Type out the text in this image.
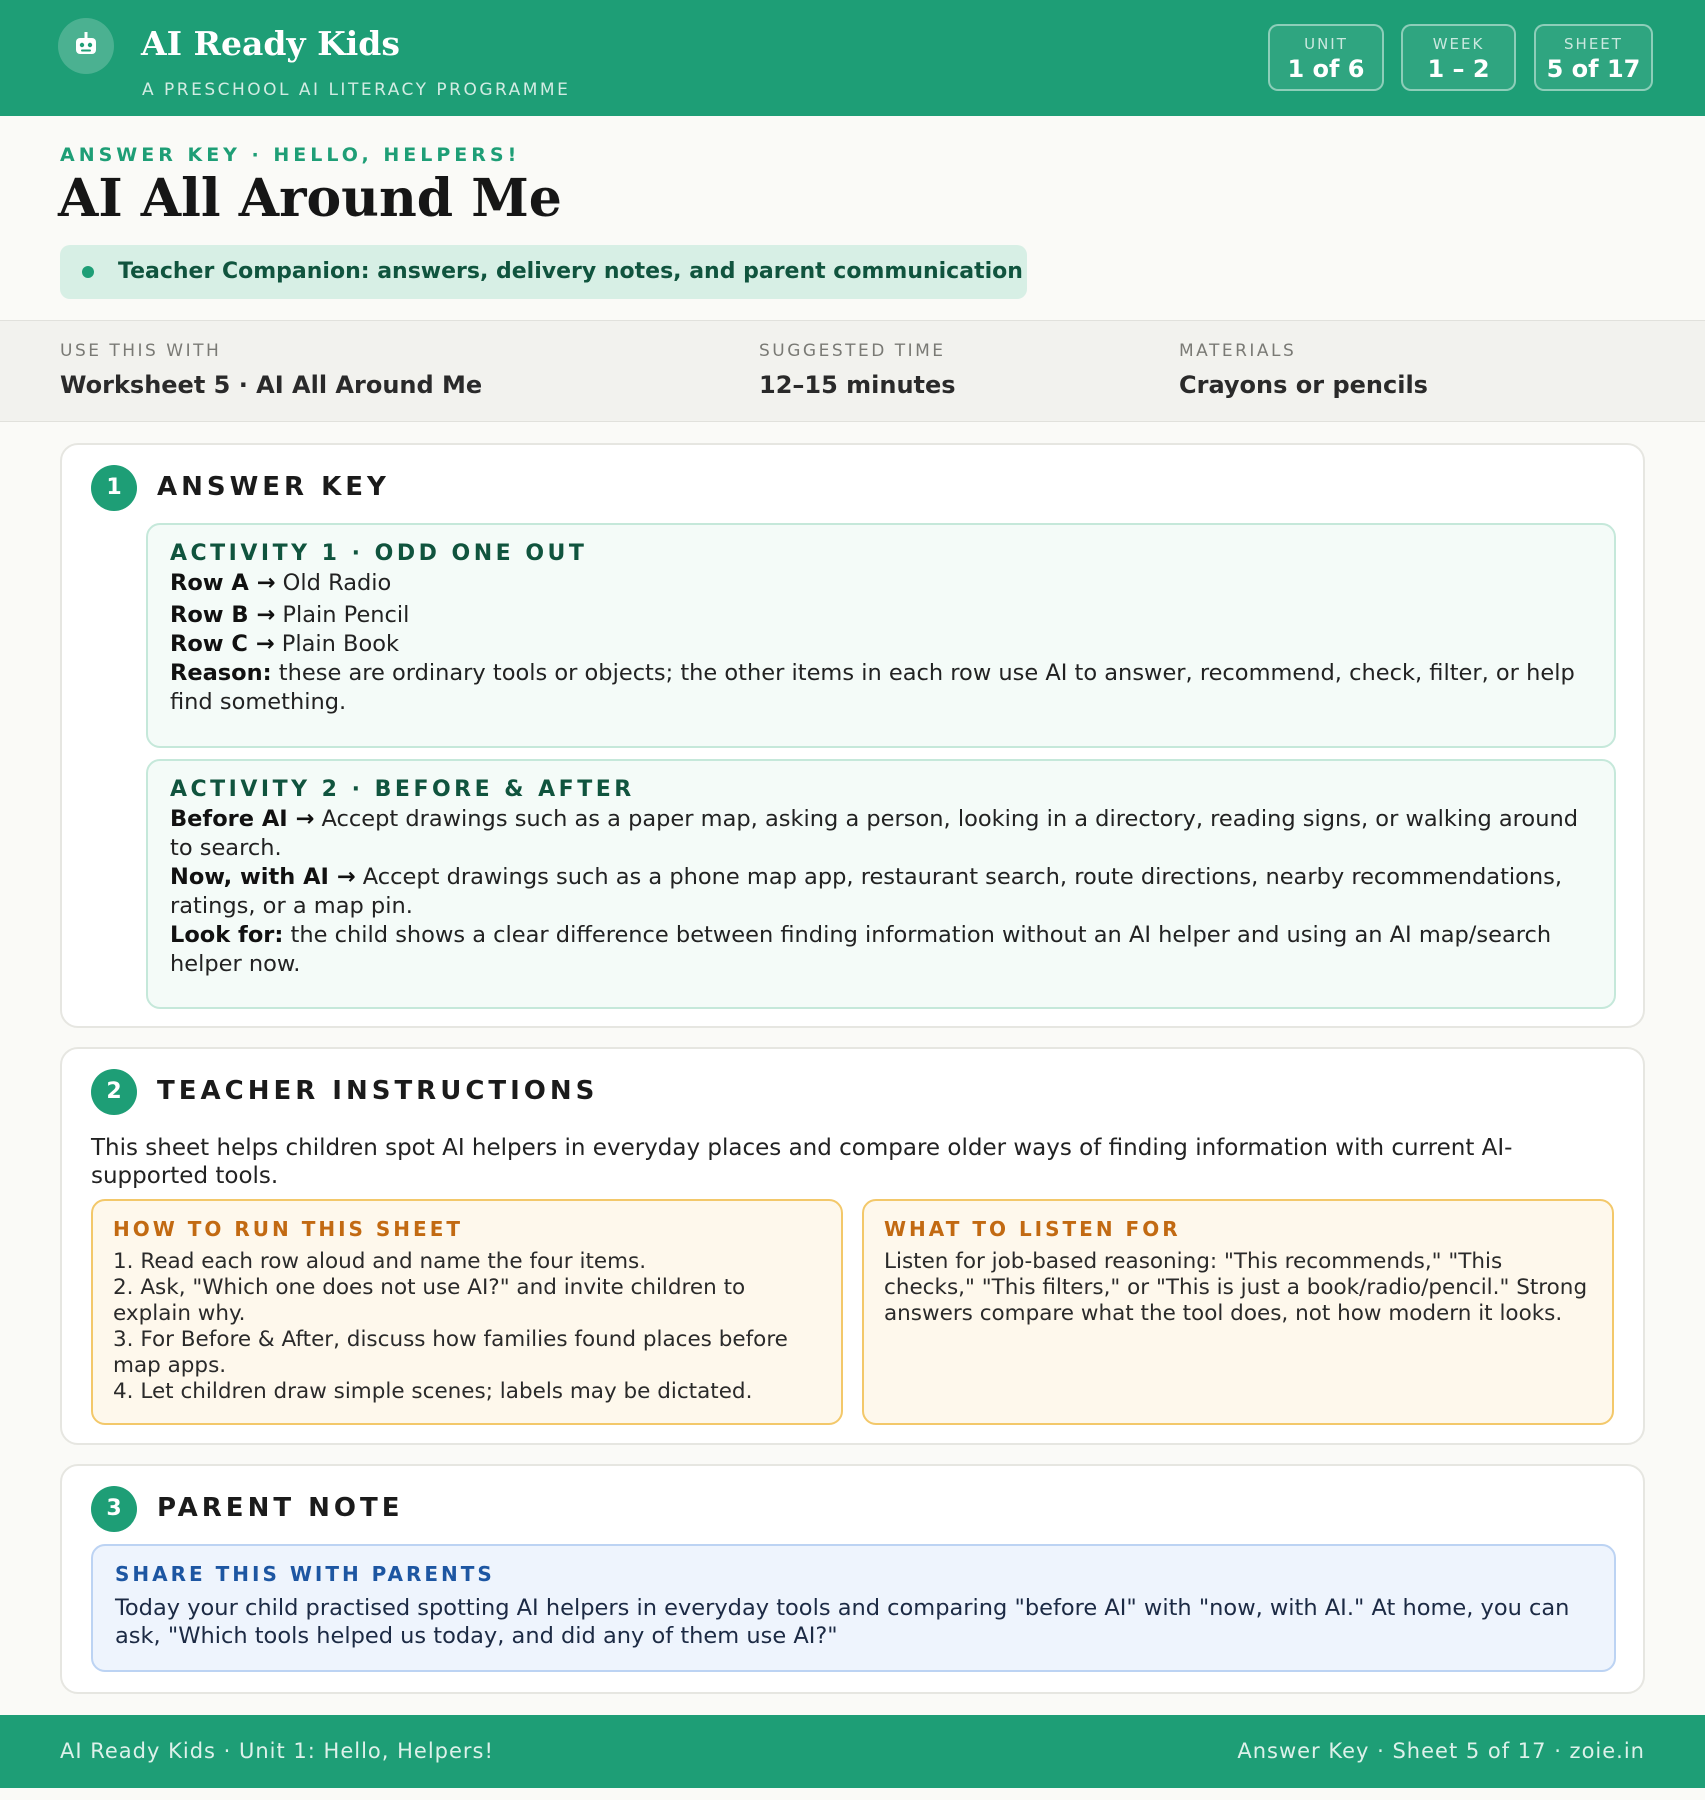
AI Ready Kids
A PRESCHOOL AI LITERACY PROGRAMME
UNIT
1 of 6
WEEK
1 – 2
SHEET
5 of 17
ANSWER KEY · HELLO, HELPERS!
AI All Around Me
Teacher Companion: answers, delivery notes, and parent communication
USE THIS WITH
Worksheet 5 · AI All Around Me
SUGGESTED TIME
12–15 minutes
MATERIALS
Crayons or pencils
1	ANSWER KEY
ACTIVITY 1 · ODD ONE OUT
Row A → Old Radio
Row B → Plain Pencil
Row C → Plain Book
Reason: these are ordinary tools or objects; the other items in each row use AI to answer, recommend, check, filter, or help find something.
ACTIVITY 2 · BEFORE & AFTER
Before AI → Accept drawings such as a paper map, asking a person, looking in a directory, reading signs, or walking around to search.
Now, with AI → Accept drawings such as a phone map app, restaurant search, route directions, nearby recommendations, ratings, or a map pin.
Look for: the child shows a clear difference between finding information without an AI helper and using an AI map/search helper now.
2	TEACHER INSTRUCTIONS
This sheet helps children spot AI helpers in everyday places and compare older ways of finding information with current AI-supported tools.
HOW TO RUN THIS SHEET
1. Read each row aloud and name the four items.
2. Ask, "Which one does not use AI?" and invite children to explain why.
3. For Before & After, discuss how families found places before map apps.
4. Let children draw simple scenes; labels may be dictated.
WHAT TO LISTEN FOR
Listen for job-based reasoning: "This recommends," "This checks," "This filters," or "This is just a book/radio/pencil." Strong answers compare what the tool does, not how modern it looks.
3	PARENT NOTE
SHARE THIS WITH PARENTS
Today your child practised spotting AI helpers in everyday tools and comparing "before AI" with "now, with AI." At home, you can ask, "Which tools helped us today, and did any of them use AI?"
AI Ready Kids · Unit 1: Hello, Helpers!	Answer Key · Sheet 5 of 17 · zoie.in
